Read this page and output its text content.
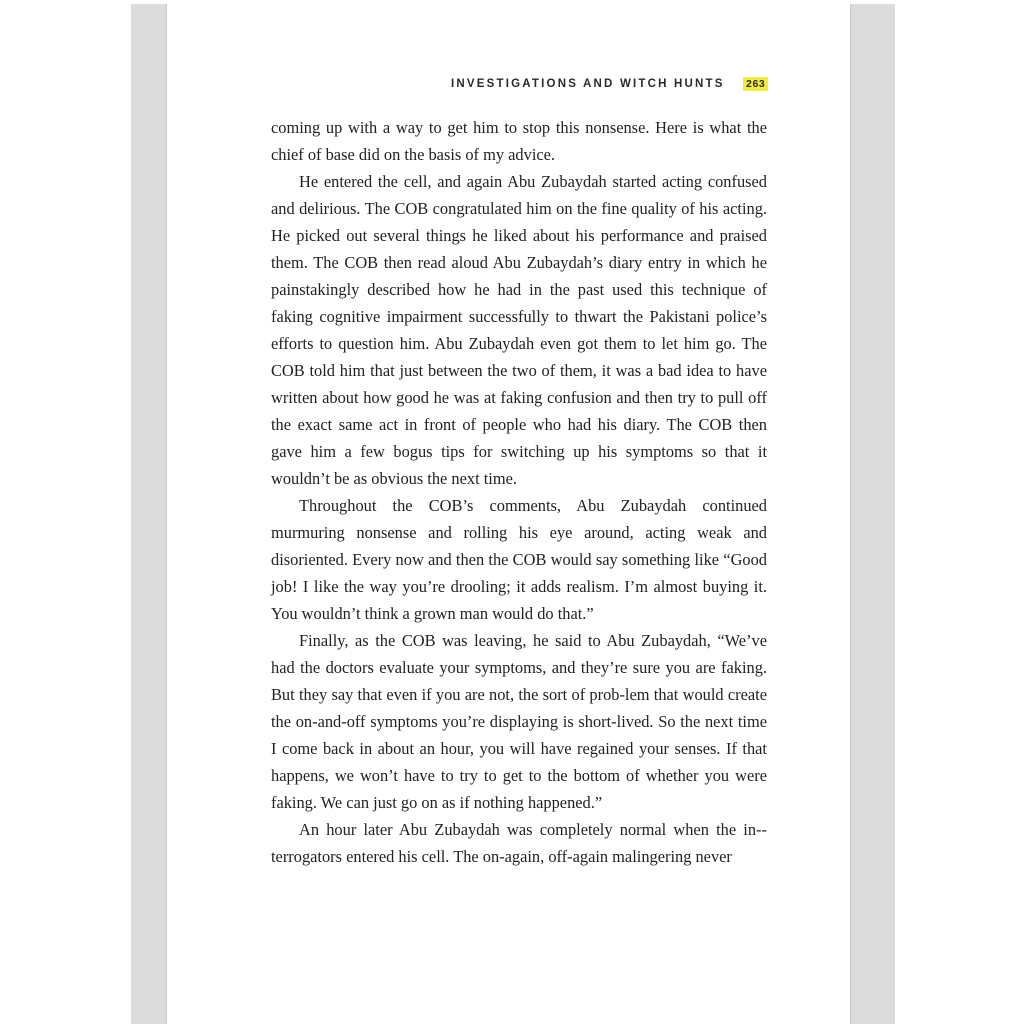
INVESTIGATIONS AND WITCH HUNTS 263

coming up with a way to get him to stop this nonsense. Here is what the chief of base did on the basis of my advice.

He entered the cell, and again Abu Zubaydah started acting confused and delirious. The COB congratulated him on the fine quality of his acting. He picked out several things he liked about his performance and praised them. The COB then read aloud Abu Zubaydah’s diary entry in which he painstakingly described how he had in the past used this technique of faking cognitive impairment successfully to thwart the Pakistani police’s efforts to question him. Abu Zubaydah even got them to let him go. The COB told him that just between the two of them, it was a bad idea to have written about how good he was at faking confusion and then try to pull off the exact same act in front of people who had his diary. The COB then gave him a few bogus tips for switching up his symptoms so that it wouldn’t be as obvious the next time.

Throughout the COB’s comments, Abu Zubaydah continued murmuring nonsense and rolling his eye around, acting weak and disoriented. Every now and then the COB would say something like “Good job! I like the way you’re drooling; it adds realism. I’m almost buying it. You wouldn’t think a grown man would do that.”

Finally, as the COB was leaving, he said to Abu Zubaydah, “We’ve had the doctors evaluate your symptoms, and they’re sure you are faking. But they say that even if you are not, the sort of prob-lem that would create the on-and-off symptoms you’re displaying is short-lived. So the next time I come back in about an hour, you will have regained your senses. If that happens, we won’t have to try to get to the bottom of whether you were faking. We can just go on as if nothing happened.”

An hour later Abu Zubaydah was completely normal when the in-terrogators entered his cell. The on-again, off-again malingering never
